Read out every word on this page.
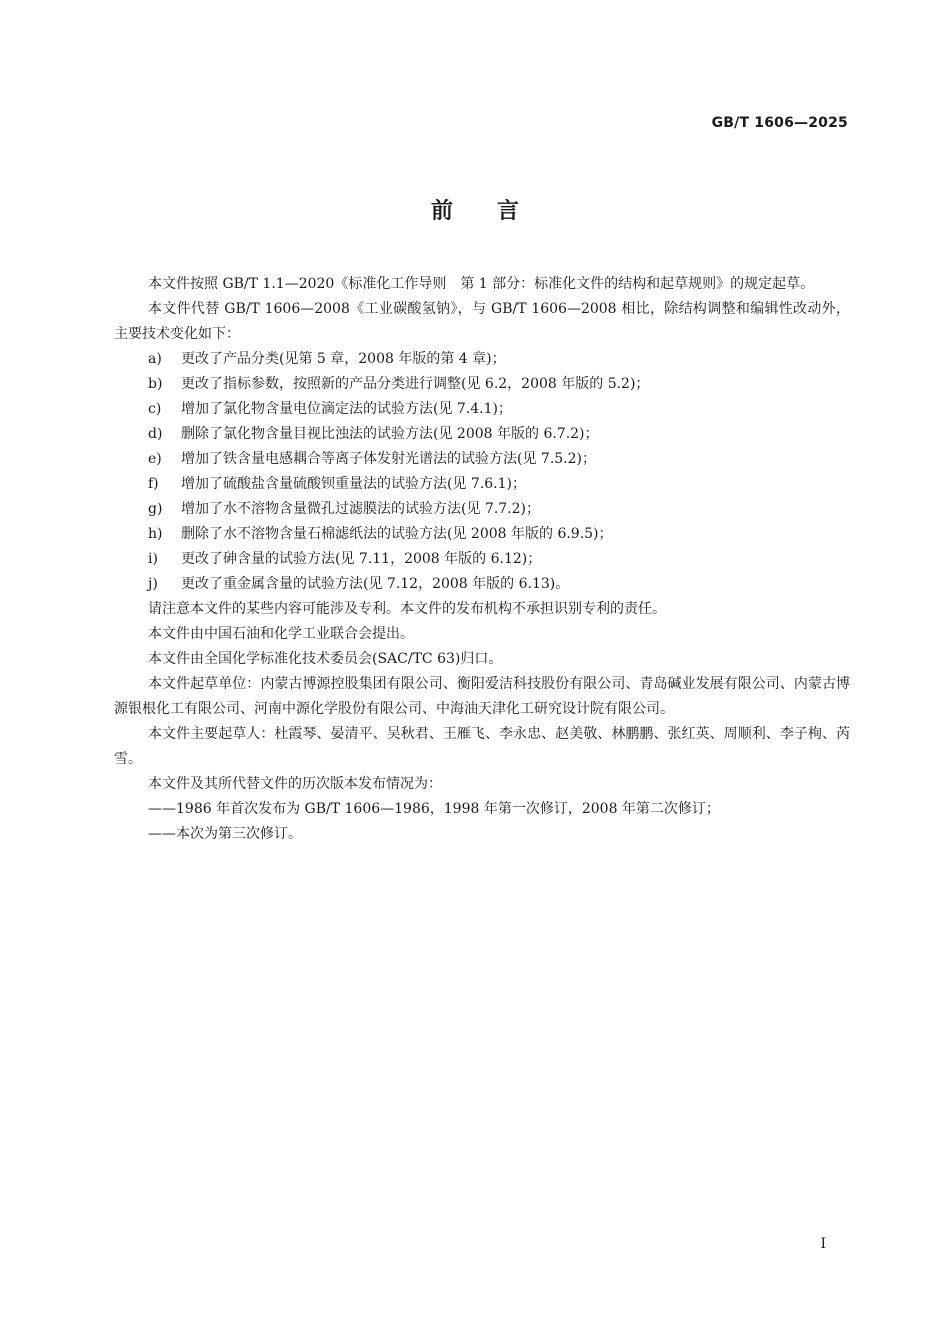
GB/T 1606—2025
前言

本文件按照 GB/T 1.1—2020《标准化工作导则　第 1 部分：标准化文件的结构和起草规则》的规定起草。

本文件代替 GB/T 1606—2008《工业碳酸氢钠》，与 GB/T 1606—2008 相比，除结构调整和编辑性改动外，主要技术变化如下：

a) 更改了产品分类(见第 5 章，2008 年版的第 4 章)；
b) 更改了指标参数，按照新的产品分类进行调整(见 6.2，2008 年版的 5.2)；
c) 增加了氯化物含量电位滴定法的试验方法(见 7.4.1)；
d) 删除了氯化物含量目视比浊法的试验方法(见 2008 年版的 6.7.2)；
e) 增加了铁含量电感耦合等离子体发射光谱法的试验方法(见 7.5.2)；
f) 增加了硫酸盐含量硫酸钡重量法的试验方法(见 7.6.1)；
g) 增加了水不溶物含量微孔过滤膜法的试验方法(见 7.7.2)；
h) 删除了水不溶物含量石棉滤纸法的试验方法(见 2008 年版的 6.9.5)；
i) 更改了砷含量的试验方法(见 7.11，2008 年版的 6.12)；
j) 更改了重金属含量的试验方法(见 7.12，2008 年版的 6.13)。

请注意本文件的某些内容可能涉及专利。本文件的发布机构不承担识别专利的责任。

本文件由中国石油和化学工业联合会提出。

本文件由全国化学标准化技术委员会(SAC/TC 63)归口。

本文件起草单位：内蒙古博源控股集团有限公司、衡阳爱洁科技股份有限公司、青岛碱业发展有限公司、内蒙古博源银根化工有限公司、河南中源化学股份有限公司、中海油天津化工研究设计院有限公司。

本文件主要起草人：杜霞琴、晏清平、吴秋君、王雁飞、李永忠、赵美敬、林鹏鹏、张红英、周顺利、李子栒、芮雪。

本文件及其所代替文件的历次版本发布情况为：

——1986 年首次发布为 GB/T 1606—1986，1998 年第一次修订，2008 年第二次修订；
——本次为第三次修订。
I
